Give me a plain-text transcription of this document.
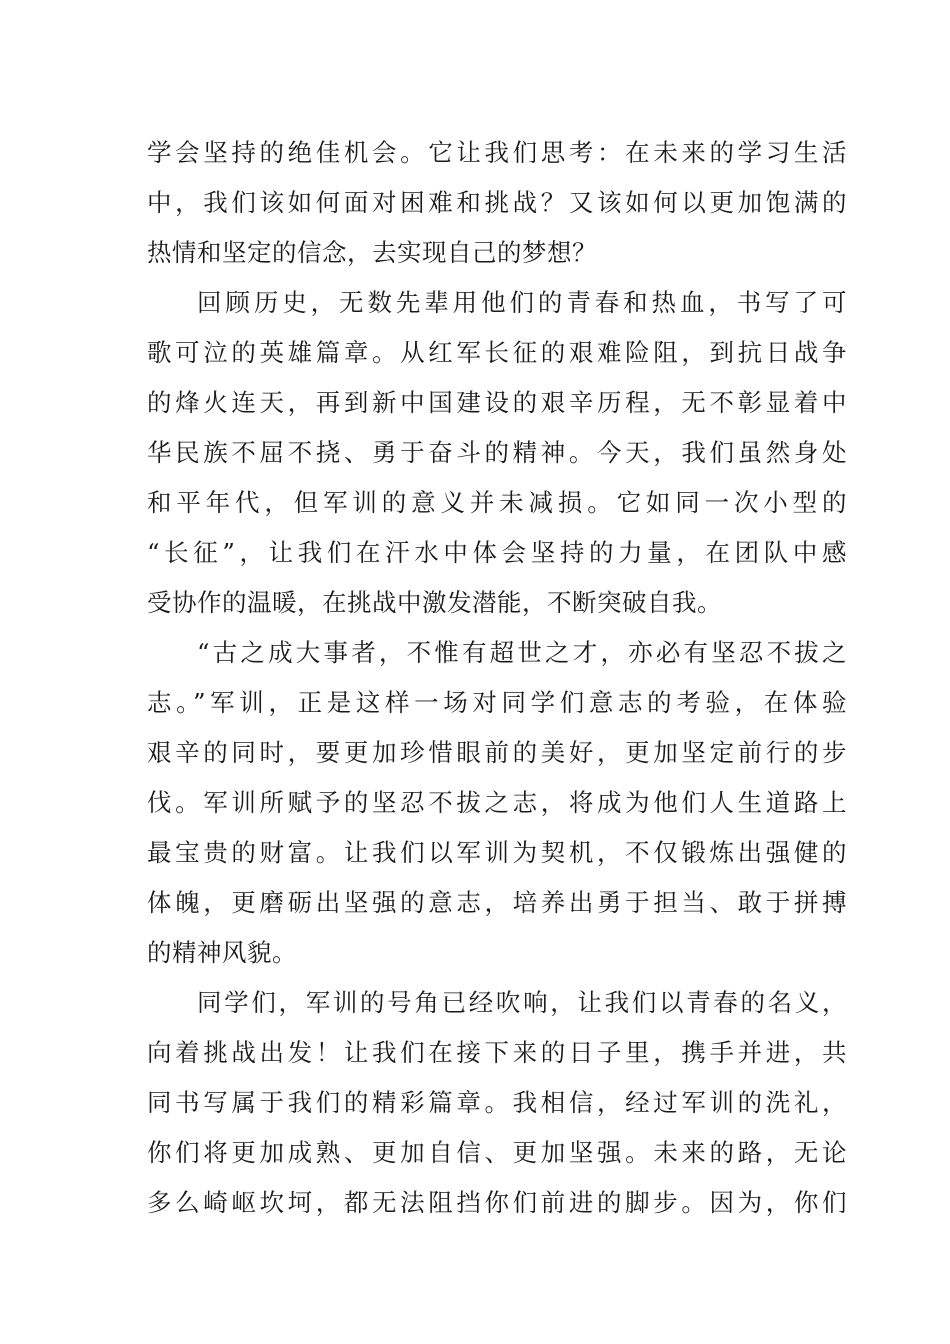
学会坚持的绝佳机会。它让我们思考：在未来的学习生活
中，我们该如何面对困难和挑战？又该如何以更加饱满的
热情和坚定的信念，去实现自己的梦想？
回顾历史，无数先辈用他们的青春和热血，书写了可
歌可泣的英雄篇章。从红军长征的艰难险阻，到抗日战争
的烽火连天，再到新中国建设的艰辛历程，无不彰显着中
华民族不屈不挠、勇于奋斗的精神。今天，我们虽然身处
和平年代，但军训的意义并未减损。它如同一次小型的
“长征”，让我们在汗水中体会坚持的力量，在团队中感
受协作的温暖，在挑战中激发潜能，不断突破自我。
“古之成大事者，不惟有超世之才，亦必有坚忍不拔之
志。”军训，正是这样一场对同学们意志的考验，在体验
艰辛的同时，要更加珍惜眼前的美好，更加坚定前行的步
伐。军训所赋予的坚忍不拔之志，将成为他们人生道路上
最宝贵的财富。让我们以军训为契机，不仅锻炼出强健的
体魄，更磨砺出坚强的意志，培养出勇于担当、敢于拼搏
的精神风貌。
同学们，军训的号角已经吹响，让我们以青春的名义，
向着挑战出发！让我们在接下来的日子里，携手并进，共
同书写属于我们的精彩篇章。我相信，经过军训的洗礼，
你们将更加成熟、更加自信、更加坚强。未来的路，无论
多么崎岖坎坷，都无法阻挡你们前进的脚步。因为，你们
